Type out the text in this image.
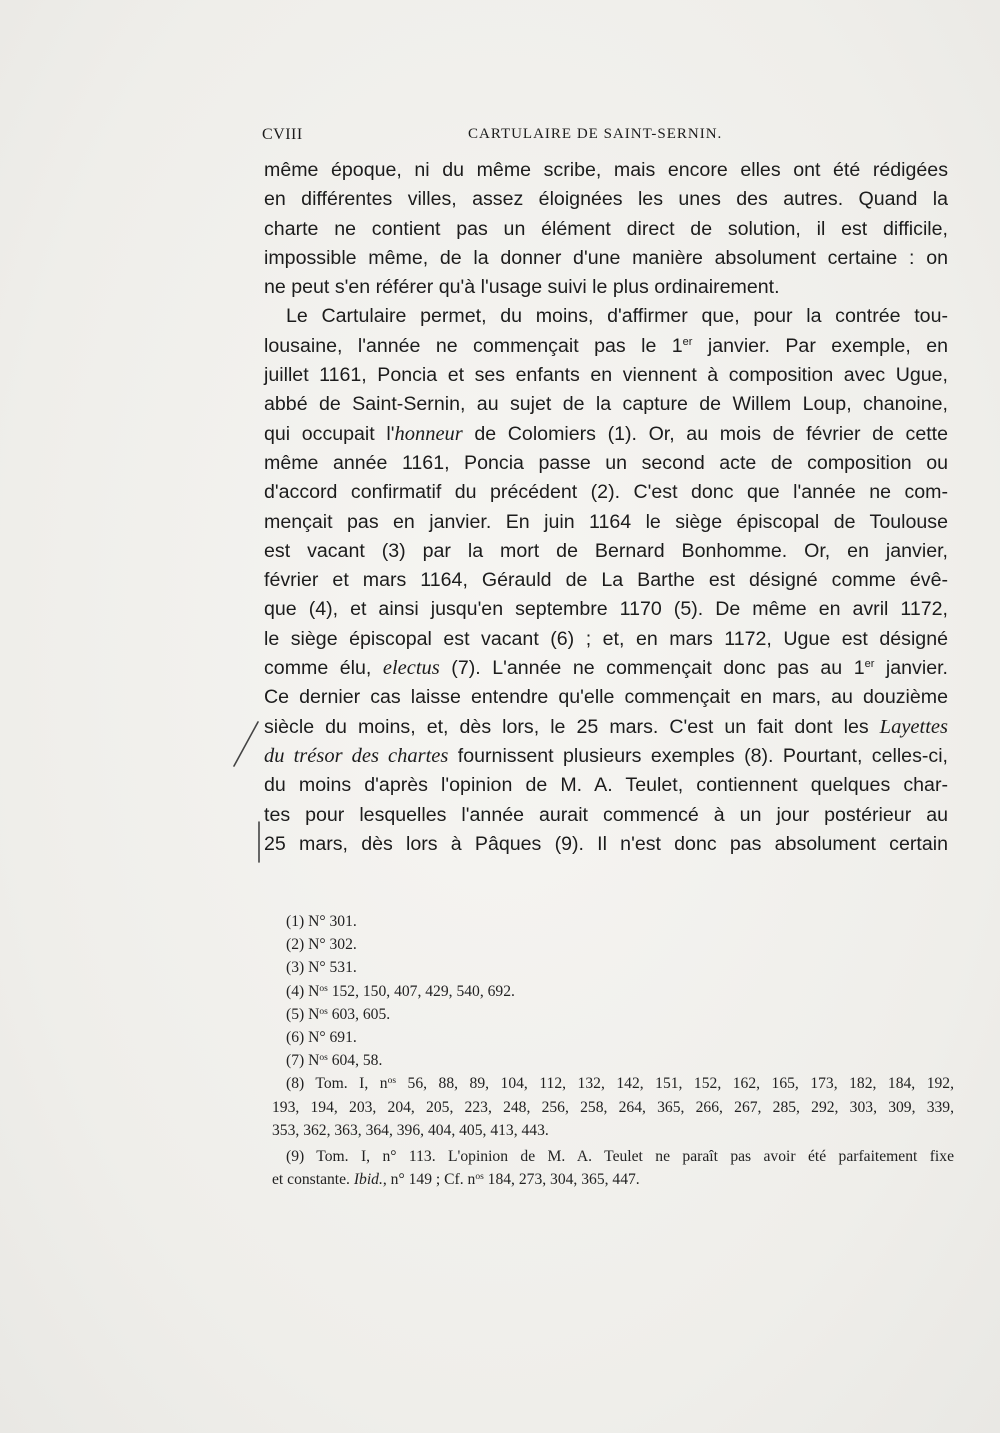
CVIII	CARTULAIRE DE SAINT-SERNIN.
même époque, ni du même scribe, mais encore elles ont été rédigées
en différentes villes, assez éloignées les unes des autres. Quand la
charte ne contient pas un élément direct de solution, il est difficile,
impossible même, de la donner d'une manière absolument certaine : on
ne peut s'en référer qu'à l'usage suivi le plus ordinairement.
Le Cartulaire permet, du moins, d'affirmer que, pour la contrée tou-
lousaine, l'année ne commençait pas le 1er janvier. Par exemple, en
juillet 1161, Poncia et ses enfants en viennent à composition avec Ugue,
abbé de Saint-Sernin, au sujet de la capture de Willem Loup, chanoine,
qui occupait l'honneur de Colomiers (1). Or, au mois de février de cette
même année 1161, Poncia passe un second acte de composition ou
d'accord confirmatif du précédent (2). C'est donc que l'année ne com-
mençait pas en janvier. En juin 1164 le siège épiscopal de Toulouse
est vacant (3) par la mort de Bernard Bonhomme. Or, en janvier,
février et mars 1164, Gérauld de La Barthe est désigné comme évê-
que (4), et ainsi jusqu'en septembre 1170 (5). De même en avril 1172,
le siège épiscopal est vacant (6) ; et, en mars 1172, Ugue est désigné
comme élu, electus (7). L'année ne commençait donc pas au 1er janvier.
Ce dernier cas laisse entendre qu'elle commençait en mars, au douzième
siècle du moins, et, dès lors, le 25 mars. C'est un fait dont les Layettes
du trésor des chartes fournissent plusieurs exemples (8). Pourtant, celles-ci,
du moins d'après l'opinion de M. A. Teulet, contiennent quelques char-
tes pour lesquelles l'année aurait commencé à un jour postérieur au
25 mars, dès lors à Pâques (9). Il n'est donc pas absolument certain
(1) N° 301.
(2) N° 302.
(3) N° 531.
(4) $N^{os}$ 152, 150, 407, 429, 540, 692.
(5) $N^{os}$ 603, 605.
(6) N° 691.
(7) $N^{os}$ 604, 58.
(8) Tom. I, $n^{os}$ 56, 88, 89, 104, 112, 132, 142, 151, 152, 162, 165, 173, 182, 184, 192,
193, 194, 203, 204, 205, 223, 248, 256, 258, 264, 365, 266, 267, 285, 292, 303, 309, 339,
353, 362, 363, 364, 396, 404, 405, 413, 443.
(9) Tom. I, n° 113. L'opinion de M. A. Teulet ne paraît pas avoir été parfaitement fixe
et constante. Ibid., n° 149 ; Cf. $n^{os}$ 184, 273, 304, 365, 447.
